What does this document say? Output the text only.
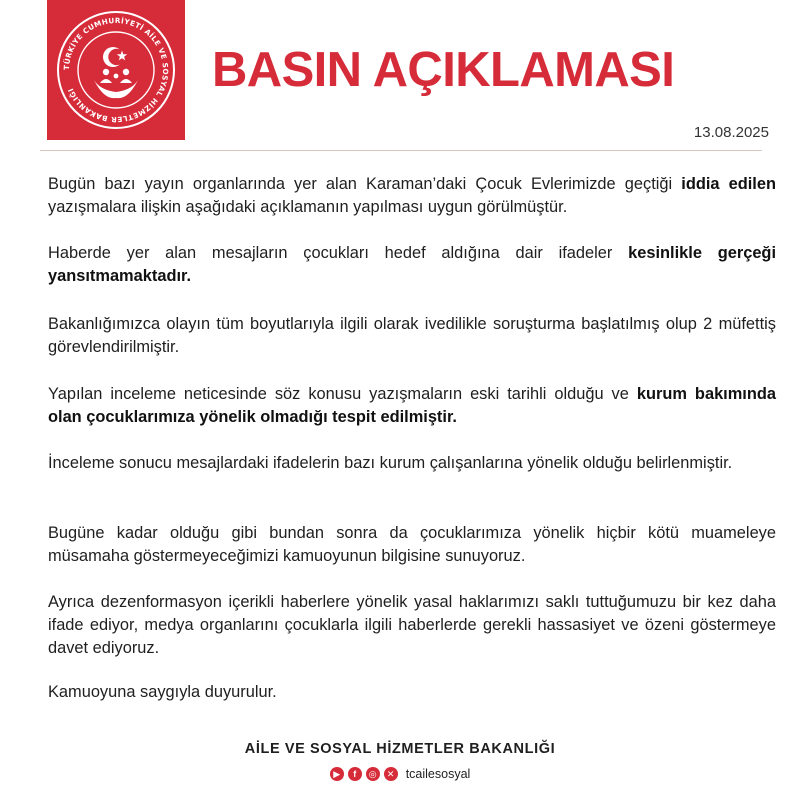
TÜRKİYE CUMHURİYETİ AİLE VE SOSYAL HİZMETLER BAKANLIĞI	BASIN AÇIKLAMASI
13.08.2025

Bugün bazı yayın organlarında yer alan Karaman’daki Çocuk Evlerimizde geçtiği iddia edilen yazışmalara ilişkin aşağıdaki açıklamanın yapılması uygun görülmüştür.

Haberde yer alan mesajların çocukları hedef aldığına dair ifadeler kesinlikle gerçeği yansıtmamaktadır.

Bakanlığımızca olayın tüm boyutlarıyla ilgili olarak ivedilikle soruşturma başlatılmış olup 2 müfettiş görevlendirilmiştir.

Yapılan inceleme neticesinde söz konusu yazışmaların eski tarihli olduğu ve kurum bakımında olan çocuklarımıza yönelik olmadığı tespit edilmiştir.

İnceleme sonucu mesajlardaki ifadelerin bazı kurum çalışanlarına yönelik olduğu belirlenmiştir.

Bugüne kadar olduğu gibi bundan sonra da çocuklarımıza yönelik hiçbir kötü muameleye müsamaha göstermeyeceğimizi kamuoyunun bilgisine sunuyoruz.

Ayrıca dezenformasyon içerikli haberlere yönelik yasal haklarımızı saklı tuttuğumuzu bir kez daha ifade ediyor, medya organlarını çocuklarla ilgili haberlerde gerekli hassasiyet ve özeni göstermeye davet ediyoruz.

Kamuoyuna saygıyla duyurulur.

AİLE VE SOSYAL HİZMETLER BAKANLIĞI
▶	f	◎	✕ tcailesosyal
